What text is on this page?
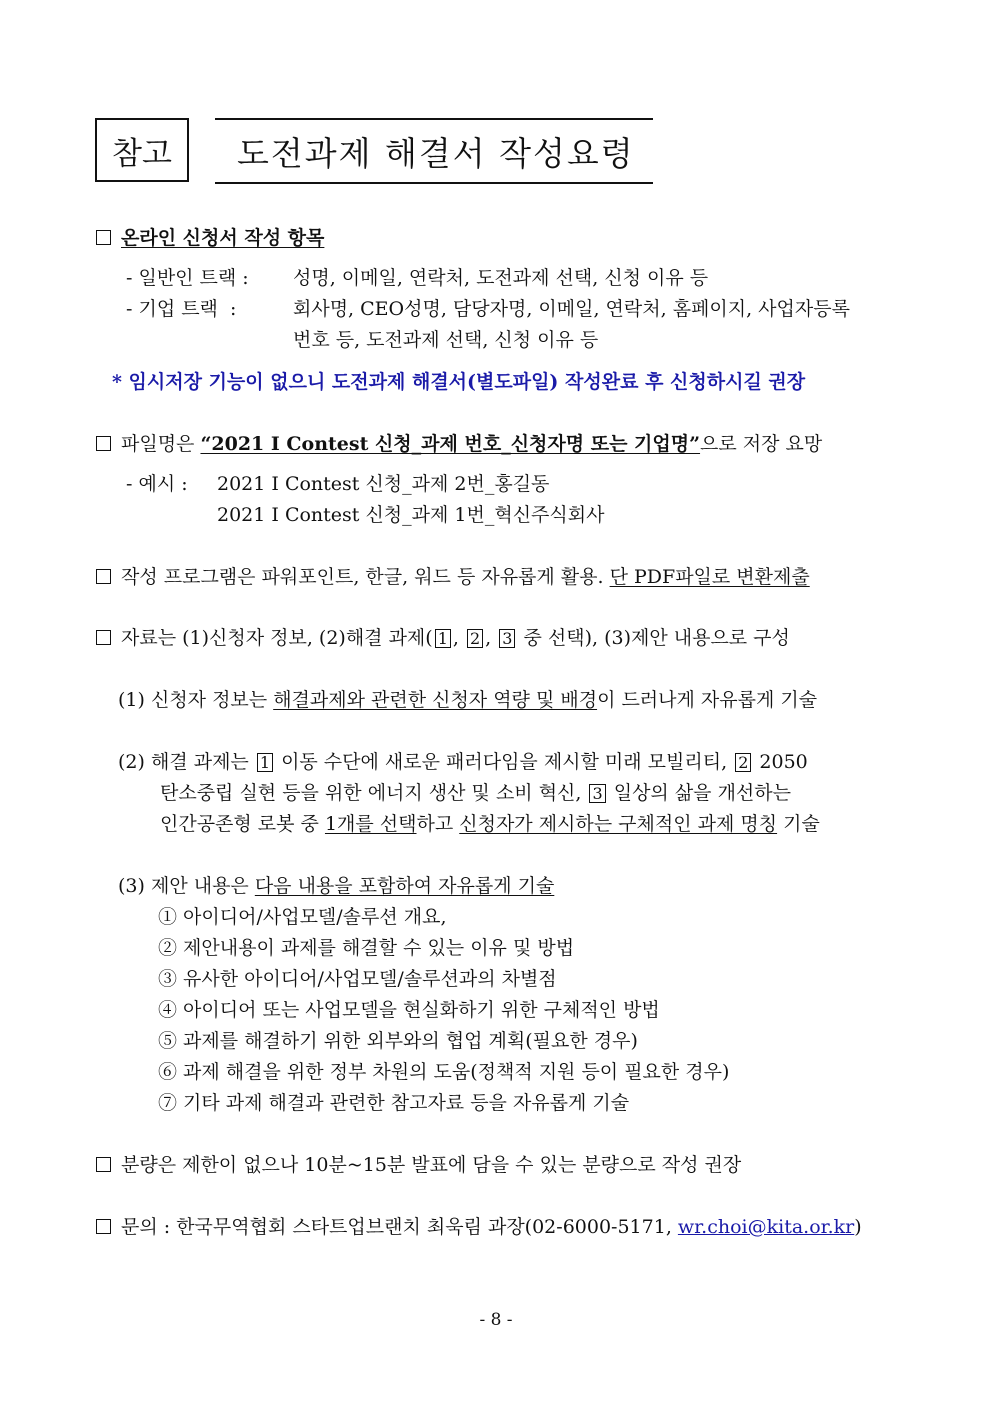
참고 도전과제 해결서 작성요령
온라인 신청서 작성 항목
- 일반인 트랙 : 성명, 이메일, 연락처, 도전과제 선택, 신청 이유 등
- 기업 트랙  :	회사명, CEO성명, 담당자명, 이메일, 연락처, 홈페이지, 사업자등록
번호 등, 도전과제 선택, 신청 이유 등
* 임시저장 기능이 없으니 도전과제 해결서(별도파일) 작성완료 후 신청하시길 권장
파일명은 “2021 I Contest 신청_과제 번호_신청자명 또는 기업명”으로 저장 요망
- 예시 : 2021 I Contest 신청_과제 2번_홍길동
2021 I Contest 신청_과제 1번_혁신주식회사
작성 프로그램은 파워포인트, 한글, 워드 등 자유롭게 활용. 단 PDF파일로 변환제출
자료는 (1)신청자 정보, (2)해결 과제( 1 , 2 , 3 중 선택), (3)제안 내용으로 구성
(1) 신청자 정보는 해결과제와 관련한 신청자 역량 및 배경이 드러나게 자유롭게 기술
(2) 해결 과제는 1 이동 수단에 새로운 패러다임을 제시할 미래 모빌리티, 2 2050
탄소중립 실현 등을 위한 에너지 생산 및 소비 혁신, 3 일상의 삶을 개선하는
인간공존형 로봇 중 1개를 선택하고 신청자가 제시하는 구체적인 과제 명칭 기술
(3) 제안 내용은 다음 내용을 포함하여 자유롭게 기술
① 아이디어/사업모델/솔루션 개요,
② 제안내용이 과제를 해결할 수 있는 이유 및 방법
③ 유사한 아이디어/사업모델/솔루션과의 차별점
④ 아이디어 또는 사업모델을 현실화하기 위한 구체적인 방법
⑤ 과제를 해결하기 위한 외부와의 협업 계획(필요한 경우)
⑥ 과제 해결을 위한 정부 차원의 도움(정책적 지원 등이 필요한 경우)
⑦ 기타 과제 해결과 관련한 참고자료 등을 자유롭게 기술
분량은 제한이 없으나 10분~15분 발표에 담을 수 있는 분량으로 작성 권장
문의 : 한국무역협회 스타트업브랜치 최욱림 과장(02-6000-5171, wr.choi@kita.or.kr)
- 8 -
